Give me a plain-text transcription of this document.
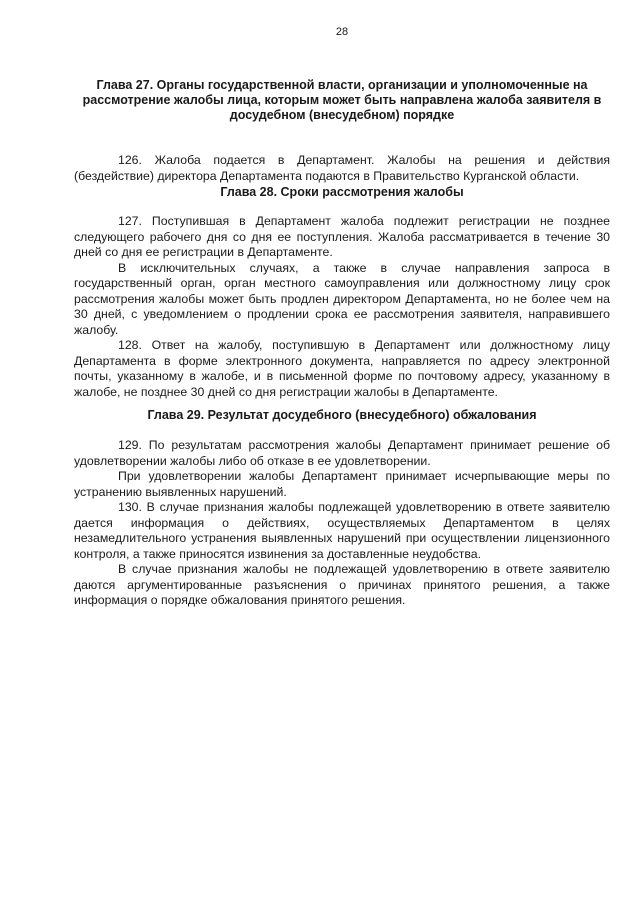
28
Глава 27. Органы государственной власти, организации и уполномоченные на рассмотрение жалобы лица, которым может быть направлена жалоба заявителя в досудебном (внесудебном) порядке

126. Жалоба подается в Департамент. Жалобы на решения и действия (бездействие) директора Департамента подаются в Правительство Курганской области.

Глава 28. Сроки рассмотрения жалобы

127. Поступившая в Департамент жалоба подлежит регистрации не позднее следующего рабочего дня со дня ее поступления. Жалоба рассматривается в течение 30 дней со дня ее регистрации в Департаменте.

В исключительных случаях, а также в случае направления запроса в государственный орган, орган местного самоуправления или должностному лицу срок рассмотрения жалобы может быть продлен директором Департамента, но не более чем на 30 дней, с уведомлением о продлении срока ее рассмотрения заявителя, направившего жалобу.

128. Ответ на жалобу, поступившую в Департамент или должностному лицу Департамента в форме электронного документа, направляется по адресу электронной почты, указанному в жалобе, и в письменной форме по почтовому адресу, указанному в жалобе, не позднее 30 дней со дня регистрации жалобы в Департаменте.

Глава 29. Результат досудебного (внесудебного) обжалования

129. По результатам рассмотрения жалобы Департамент принимает решение об удовлетворении жалобы либо об отказе в ее удовлетворении.

При удовлетворении жалобы Департамент принимает исчерпывающие меры по устранению выявленных нарушений.

130. В случае признания жалобы подлежащей удовлетворению в ответе заявителю дается информация о действиях, осуществляемых Департаментом в целях незамедлительного устранения выявленных нарушений при осуществлении лицензионного контроля, а также приносятся извинения за доставленные неудобства.

В случае признания жалобы не подлежащей удовлетворению в ответе заявителю даются аргументированные разъяснения о причинах принятого решения, а также информация о порядке обжалования принятого решения.
